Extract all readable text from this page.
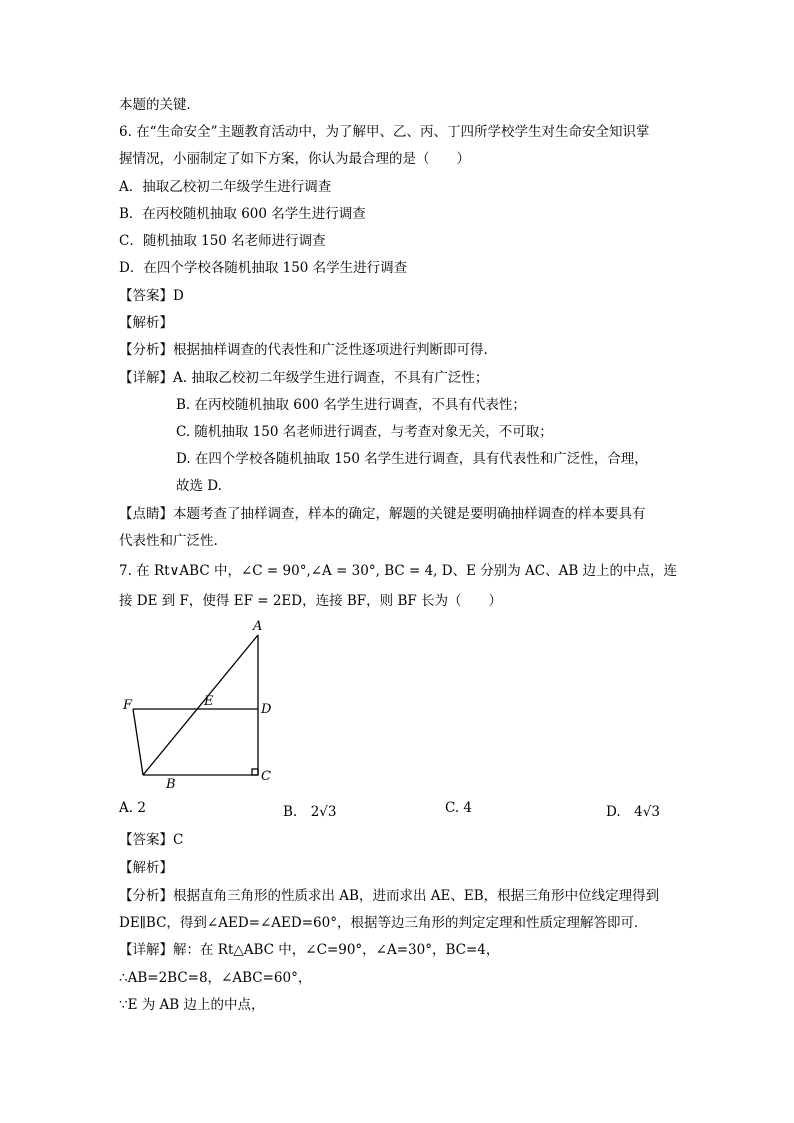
本题的关键．
6. 在“生命安全”主题教育活动中，为了解甲、乙、丙、丁四所学校学生对生命安全知识掌
握情况，小丽制定了如下方案，你认为最合理的是（　　）
A．抽取乙校初二年级学生进行调查
B．在丙校随机抽取 600 名学生进行调查
C．随机抽取 150 名老师进行调查
D．在四个学校各随机抽取 150 名学生进行调查
【答案】D
【解析】
【分析】根据抽样调查的代表性和广泛性逐项进行判断即可得.
【详解】A. 抽取乙校初二年级学生进行调查，不具有广泛性；
B. 在丙校随机抽取 600 名学生进行调查，不具有代表性；
C. 随机抽取 150 名老师进行调查，与考查对象无关，不可取；
D. 在四个学校各随机抽取 150 名学生进行调查，具有代表性和广泛性，合理，
故选 D.
【点睛】本题考查了抽样调查，样本的确定，解题的关键是要明确抽样调查的样本要具有
代表性和广泛性.
7. 在 Rt∨ABC 中，∠C = 90°,∠A = 30°, BC = 4, D、E 分别为 AC、AB 边上的中点，连
接 DE 到 F，使得 EF = 2ED，连接 BF，则 BF 长为（　　）
A
E
F	D
B
C
A. 2	B.　2√3	C. 4	D.　4√3
【答案】C
【解析】
【分析】根据直角三角形的性质求出 AB，进而求出 AE、EB，根据三角形中位线定理得到
DE∥BC，得到∠AED=∠AED=60°，根据等边三角形的判定定理和性质定理解答即可．
【详解】解：在 Rt△ABC 中，∠C=90°，∠A=30°，BC=4，
∴AB=2BC=8，∠ABC=60°，
∵E 为 AB 边上的中点，
